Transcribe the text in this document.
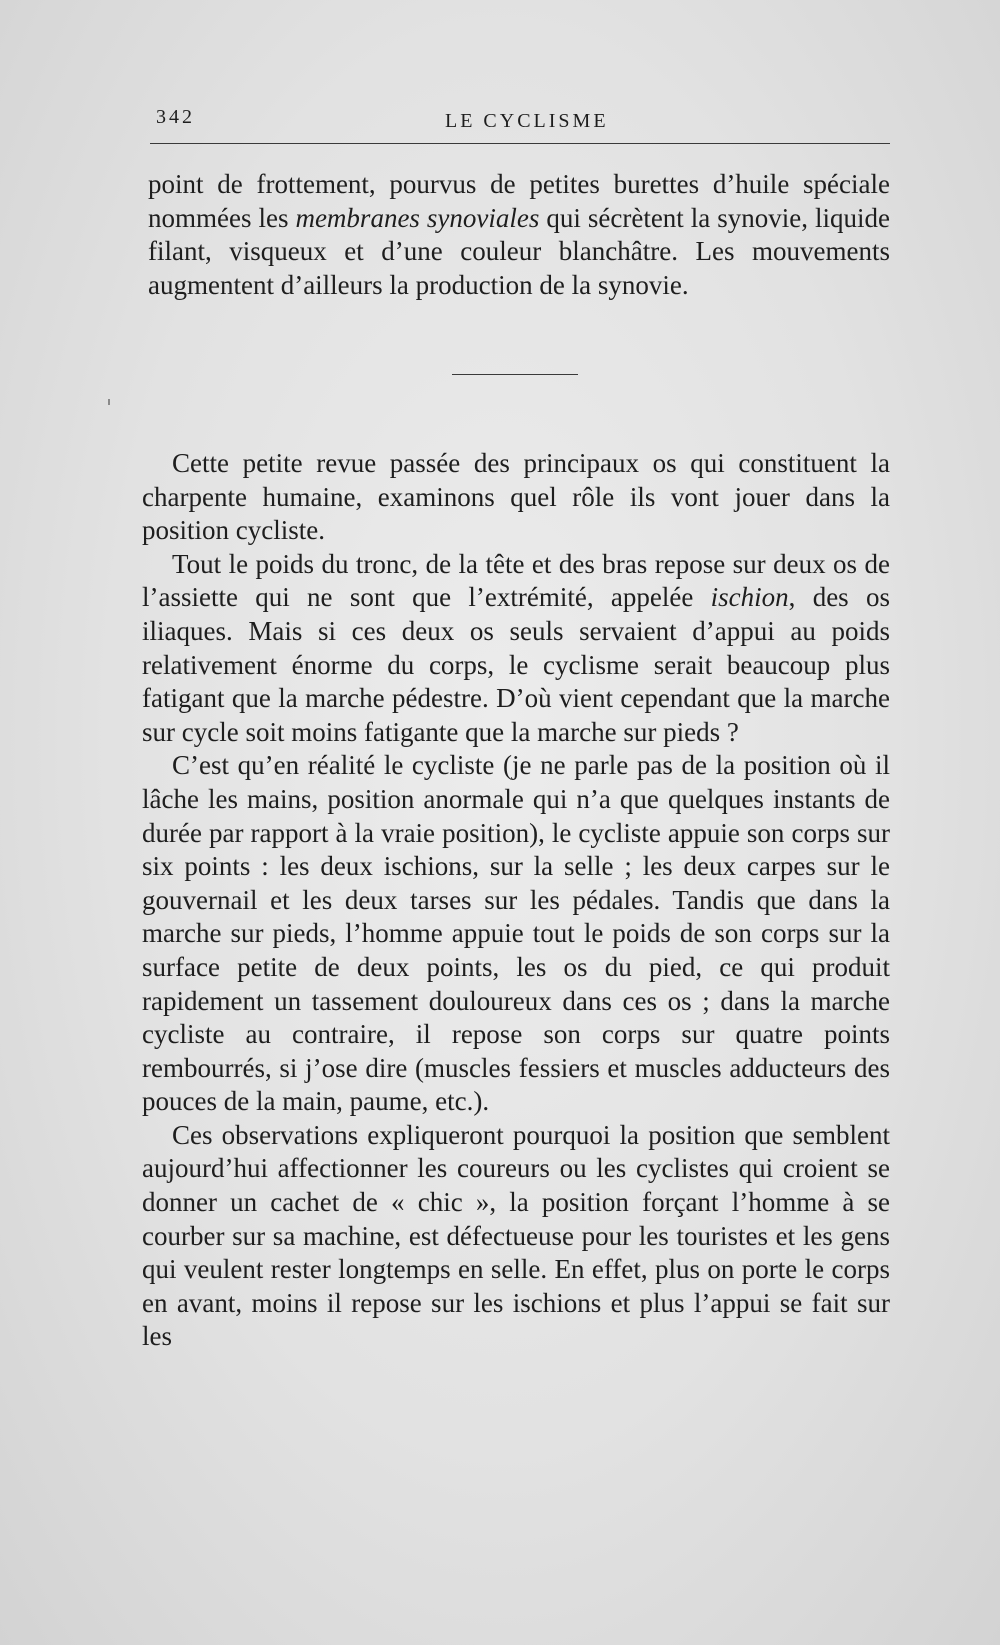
342	LE CYCLISME

point de frottement, pourvus de petites burettes d’huile spéciale nommées les membranes synoviales qui sécrètent la synovie, liquide filant, visqueux et d’une couleur blanchâtre. Les mouvements augmentent d’ailleurs la production de la synovie.

Cette petite revue passée des principaux os qui constituent la charpente humaine, examinons quel rôle ils vont jouer dans la position cycliste.

Tout le poids du tronc, de la tête et des bras repose sur deux os de l’assiette qui ne sont que l’extrémité, appelée ischion, des os iliaques. Mais si ces deux os seuls servaient d’appui au poids relativement énorme du corps, le cyclisme serait beaucoup plus fatigant que la marche pédestre. D’où vient cependant que la marche sur cycle soit moins fatigante que la marche sur pieds ?

C’est qu’en réalité le cycliste (je ne parle pas de la position où il lâche les mains, position anormale qui n’a que quelques instants de durée par rapport à la vraie position), le cycliste appuie son corps sur six points : les deux ischions, sur la selle ; les deux carpes sur le gouvernail et les deux tarses sur les pédales. Tandis que dans la marche sur pieds, l’homme appuie tout le poids de son corps sur la surface petite de deux points, les os du pied, ce qui produit rapidement un tassement douloureux dans ces os ; dans la marche cycliste au contraire, il repose son corps sur quatre points rembourrés, si j’ose dire (muscles fessiers et muscles adducteurs des pouces de la main, paume, etc.).

Ces observations expliqueront pourquoi la position que semblent aujourd’hui affectionner les coureurs ou les cyclistes qui croient se donner un cachet de « chic », la position forçant l’homme à se courber sur sa machine, est défectueuse pour les touristes et les gens qui veulent rester longtemps en selle. En effet, plus on porte le corps en avant, moins il repose sur les ischions et plus l’appui se fait sur les
